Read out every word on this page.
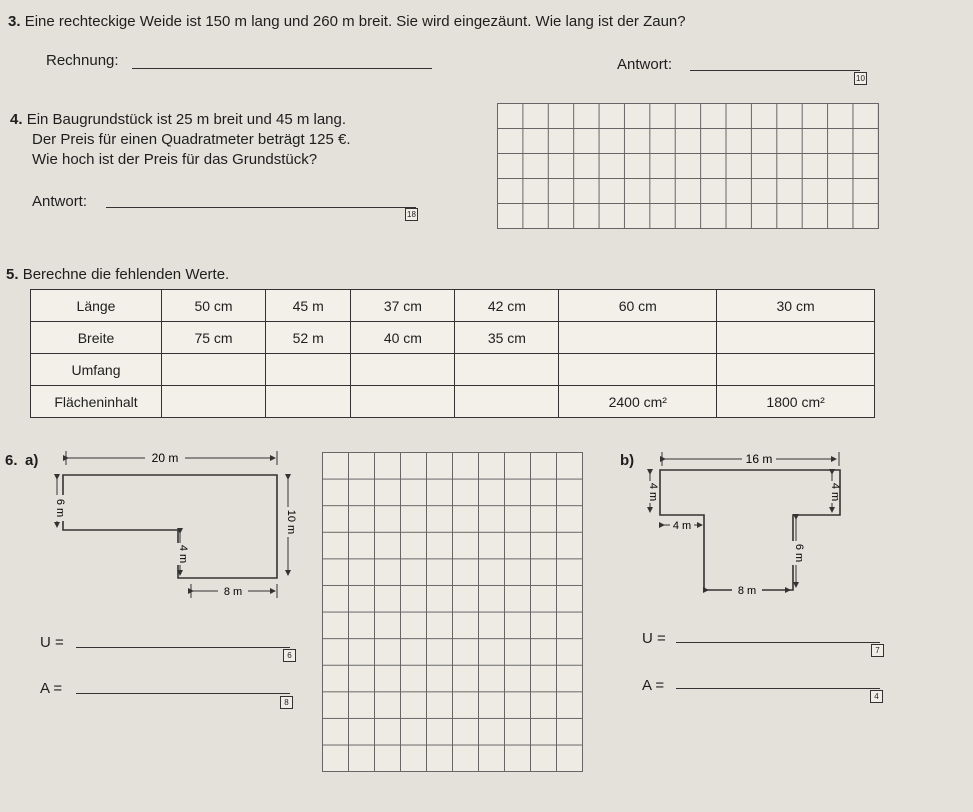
3. Eine rechteckige Weide ist 150 m lang und 260 m breit. Sie wird eingezäunt. Wie lang ist der Zaun?
Rechnung:	Antwort:
10
4. Ein Baugrundstück ist 25 m breit und 45 m lang.
Der Preis für einen Quadratmeter beträgt 125 €.
Wie hoch ist der Preis für das Grundstück?
Antwort:
18
5. Berechne die fehlenden Werte.
Länge	50 cm	45 m	37 cm	42 cm	60 cm	30 cm
Breite	75 cm	52 m	40 cm	35 cm		
Umfang						
Flächeninhalt					2400 cm²	1800 cm²
6. a)	20 m
6 m
10 m
4 m
8 m
U =
6
A =
8
b)	16 m
4 m	4 m
4 m
6 m
8 m
U =
7
A =
4
